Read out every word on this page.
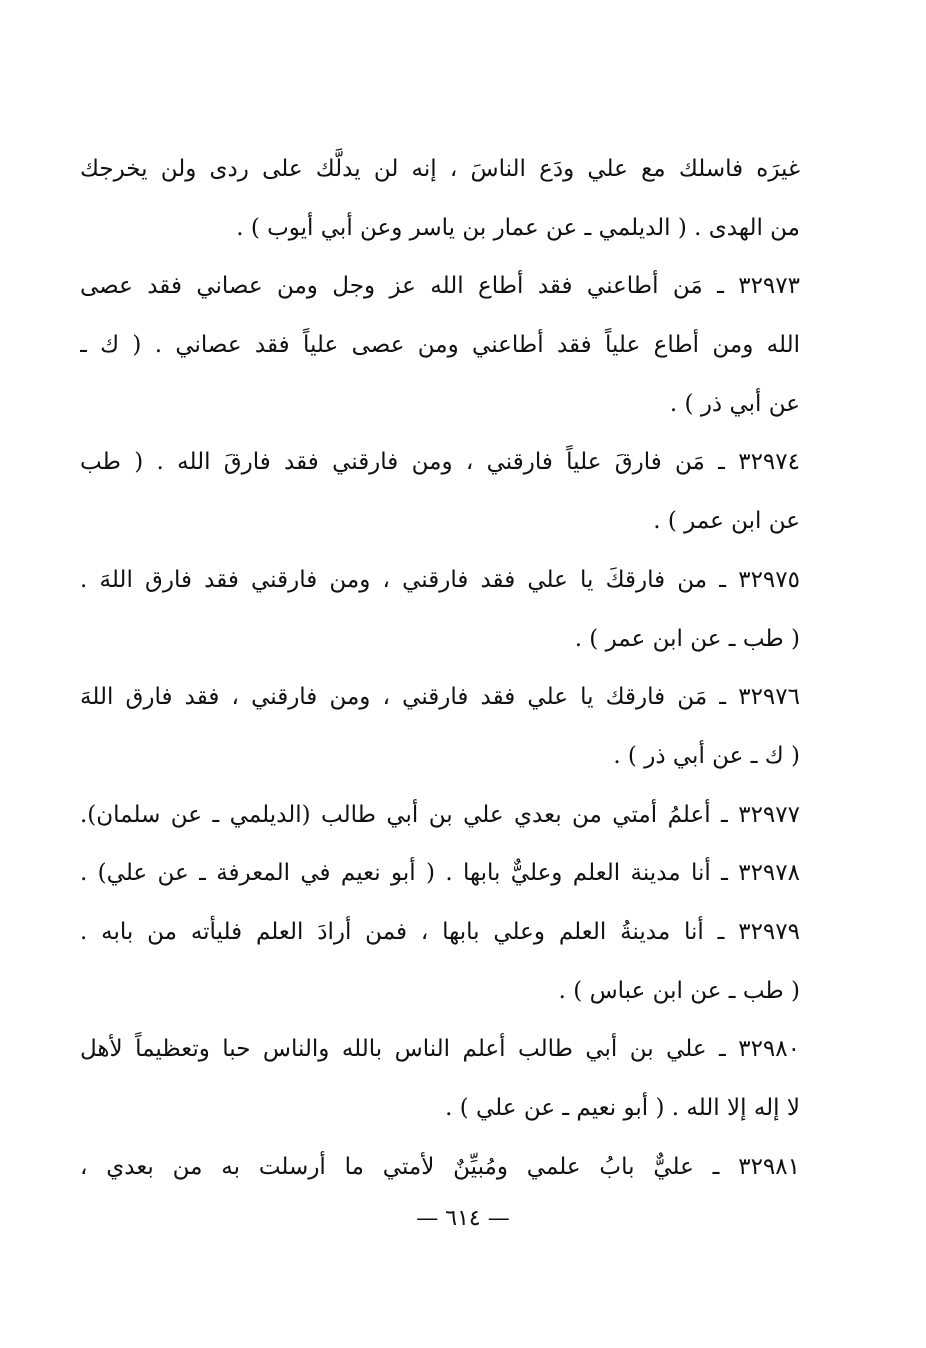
غيرَه فاسلك مع علي ودَع الناسَ ، إنه لن يدلَّك على ردى ولن يخرجك
من الهدى . ( الديلمي ـ عن عمار بن ياسر وعن أبي أيوب ) .
٣٢٩٧٣ ـ مَن أطاعني فقد أطاع الله عز وجل ومن عصاني فقد عصى
الله ومن أطاع علياً فقد أطاعني ومن عصى علياً فقد عصاني . ( ك ـ
عن أبي ذر ) .
٣٢٩٧٤ ـ مَن فارقَ علياً فارقني ، ومن فارقني فقد فارقَ الله . ( طب
عن ابن عمر ) .
٣٢٩٧٥ ـ من فارقكَ يا علي فقد فارقني ، ومن فارقني فقد فارق اللهَ .
( طب ـ عن ابن عمر ) .
٣٢٩٧٦ ـ مَن فارقك يا علي فقد فارقني ، ومن فارقني ، فقد فارق اللهَ
( ك ـ عن أبي ذر ) .
٣٢٩٧٧ ـ أعلمُ أمتي من بعدي علي بن أبي طالب (الديلمي ـ عن سلمان).
٣٢٩٧٨ ـ أنا مدينة العلم وعليٌّ بابها . ( أبو نعيم في المعرفة ـ عن علي) .
٣٢٩٧٩ ـ أنا مدينةُ العلم وعلي بابها ، فمن أرادَ العلم فليأته من بابه .
( طب ـ عن ابن عباس ) .
٣٢٩٨٠ ـ علي بن أبي طالب أعلم الناس بالله والناس حبا وتعظيماً لأهل
لا إله إلا الله . ( أبو نعيم ـ عن علي ) .
٣٢٩٨١ ـ عليٌّ بابُ علمي ومُبيِّنٌ لأمتي ما أرسلت به من بعدي ،
— ٦١٤ —
